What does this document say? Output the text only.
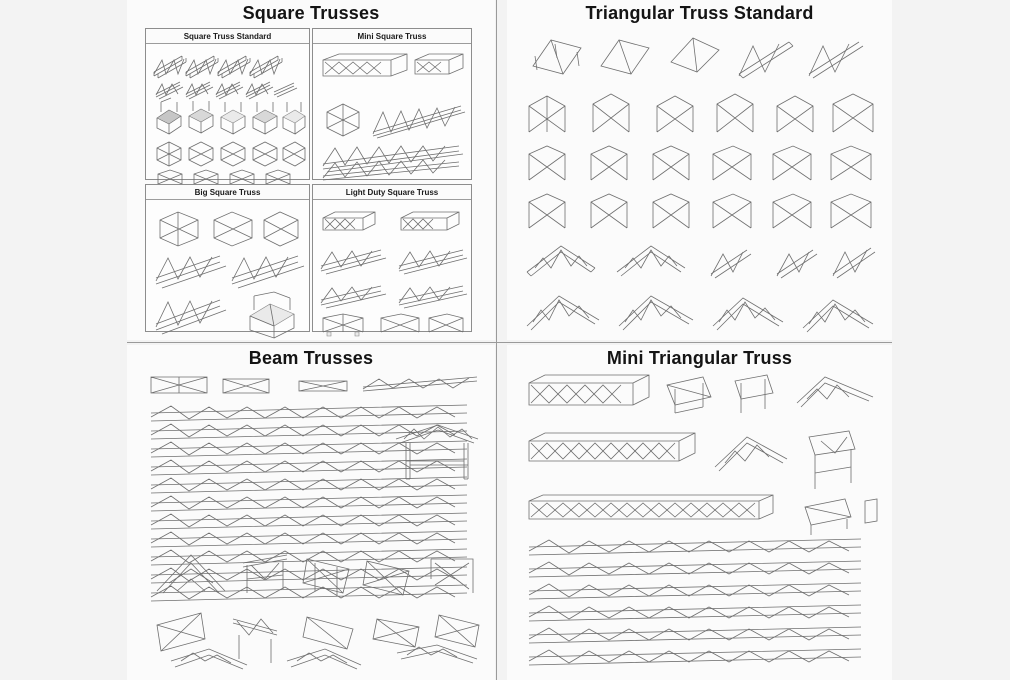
Square Trusses
Square Truss Standard	Mini Square Truss
Big Square Truss	Light Duty Square Truss
Triangular Truss Standard
Beam Trusses	Mini Triangular Truss
